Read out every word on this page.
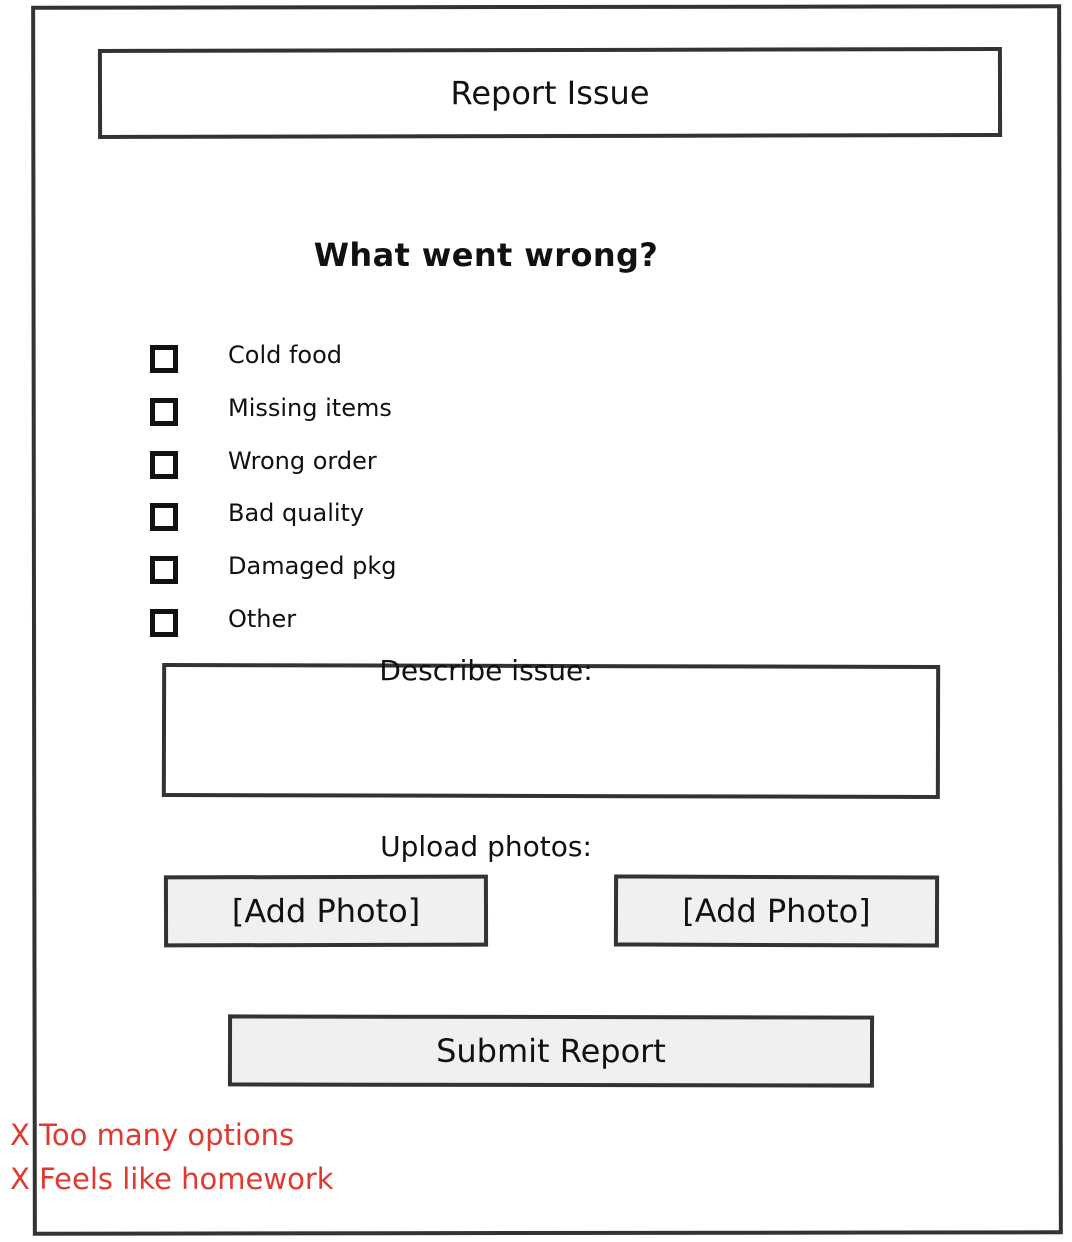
Report Issue
What went wrong?
Cold food
Missing items
Wrong order
Bad quality
Damaged pkg
Other
Describe issue:
Upload photos:
[Add Photo]	[Add Photo]
Submit Report
X Too many options
X Feels like homework
